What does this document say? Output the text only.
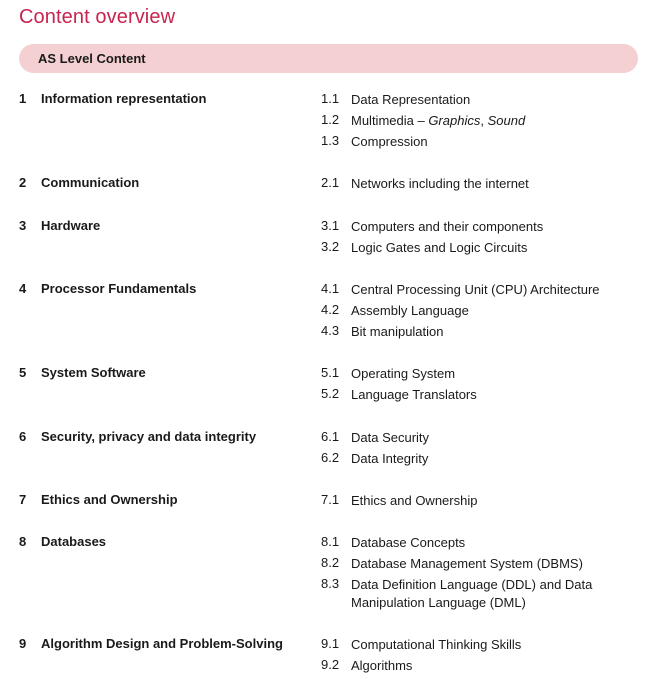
Content overview
AS Level Content
1 Information representation	1.1 Data Representation
1.2 Multimedia – Graphics, Sound
1.3 Compression
2 Communication	2.1 Networks including the internet
3 Hardware	3.1 Computers and their components
3.2 Logic Gates and Logic Circuits
4 Processor Fundamentals	4.1 Central Processing Unit (CPU) Architecture
4.2 Assembly Language
4.3 Bit manipulation
5 System Software	5.1 Operating System
5.2 Language Translators
6 Security, privacy and data integrity	6.1 Data Security
6.2 Data Integrity
7 Ethics and Ownership	7.1 Ethics and Ownership
8 Databases	8.1 Database Concepts
8.2 Database Management System (DBMS)
8.3 Data Definition Language (DDL) and Data Manipulation Language (DML)
9 Algorithm Design and Problem-Solving	9.1 Computational Thinking Skills
9.2 Algorithms
